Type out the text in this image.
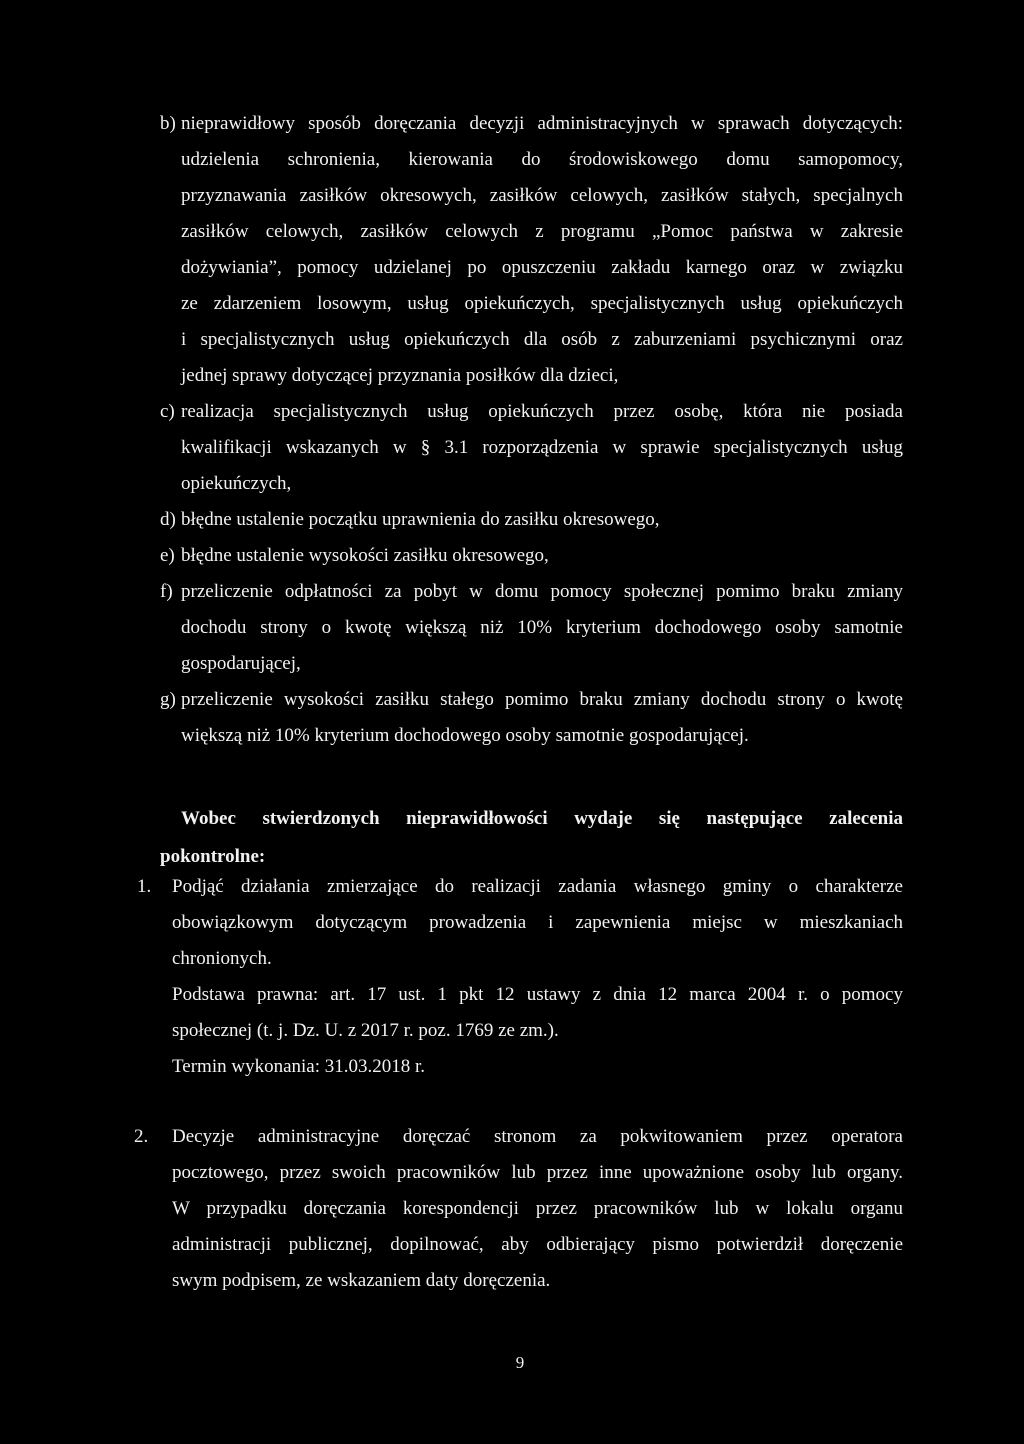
b) nieprawidłowy sposób doręczania decyzji administracyjnych w sprawach dotyczących:
udzielenia schronienia, kierowania do środowiskowego domu samopomocy,
przyznawania zasiłków okresowych, zasiłków celowych, zasiłków stałych, specjalnych
zasiłków celowych, zasiłków celowych z programu „Pomoc państwa w zakresie
dożywiania”, pomocy udzielanej po opuszczeniu zakładu karnego oraz w związku
ze zdarzeniem losowym, usług opiekuńczych, specjalistycznych usług opiekuńczych
i specjalistycznych usług opiekuńczych dla osób z zaburzeniami psychicznymi oraz
jednej sprawy dotyczącej przyznania posiłków dla dzieci,
c) realizacja specjalistycznych usług opiekuńczych przez osobę, która nie posiada
kwalifikacji wskazanych w § 3.1 rozporządzenia w sprawie specjalistycznych usług
opiekuńczych,
d) błędne ustalenie początku uprawnienia do zasiłku okresowego,
e) błędne ustalenie wysokości zasiłku okresowego,
f) przeliczenie odpłatności za pobyt w domu pomocy społecznej pomimo braku zmiany
dochodu strony o kwotę większą niż 10% kryterium dochodowego osoby samotnie
gospodarującej,
g) przeliczenie wysokości zasiłku stałego pomimo braku zmiany dochodu strony o kwotę
większą niż 10% kryterium dochodowego osoby samotnie gospodarującej.
Wobec stwierdzonych nieprawidłowości wydaje się następujące zalecenia
pokontrolne:
1. Podjąć działania zmierzające do realizacji zadania własnego gminy o charakterze
obowiązkowym dotyczącym prowadzenia i zapewnienia miejsc w mieszkaniach
chronionych.
Podstawa prawna: art. 17 ust. 1 pkt 12 ustawy z dnia 12 marca 2004 r. o pomocy
społecznej (t. j. Dz. U. z 2017 r. poz. 1769 ze zm.).
Termin wykonania: 31.03.2018 r.
2. Decyzje administracyjne doręczać stronom za pokwitowaniem przez operatora
pocztowego, przez swoich pracowników lub przez inne upoważnione osoby lub organy.
W przypadku doręczania korespondencji przez pracowników lub w lokalu organu
administracji publicznej, dopilnować, aby odbierający pismo potwierdził doręczenie
swym podpisem, ze wskazaniem daty doręczenia.
9
